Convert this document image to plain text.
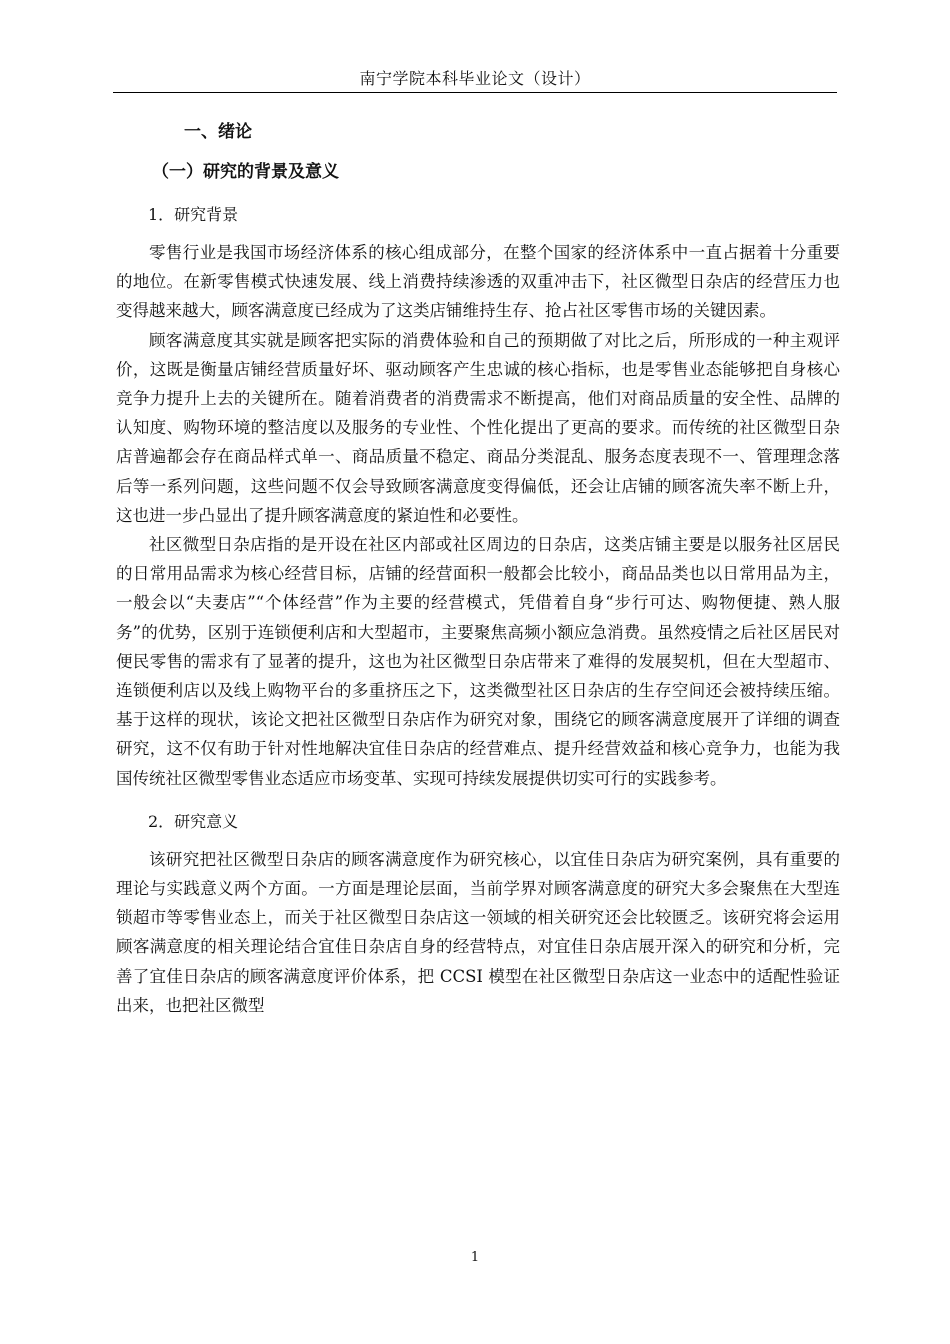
南宁学院本科毕业论文（设计）
一、绪论
（一）研究的背景及意义
1．研究背景

零售行业是我国市场经济体系的核心组成部分，在整个国家的经济体系中一直占据着十分重要的地位。在新零售模式快速发展、线上消费持续渗透的双重冲击下，社区微型日杂店的经营压力也变得越来越大，顾客满意度已经成为了这类店铺维持生存、抢占社区零售市场的关键因素。

顾客满意度其实就是顾客把实际的消费体验和自己的预期做了对比之后，所形成的一种主观评价，这既是衡量店铺经营质量好坏、驱动顾客产生忠诚的核心指标，也是零售业态能够把自身核心竞争力提升上去的关键所在。随着消费者的消费需求不断提高，他们对商品质量的安全性、品牌的认知度、购物环境的整洁度以及服务的专业性、个性化提出了更高的要求。而传统的社区微型日杂店普遍都会存在商品样式单一、商品质量不稳定、商品分类混乱、服务态度表现不一、管理理念落后等一系列问题，这些问题不仅会导致顾客满意度变得偏低，还会让店铺的顾客流失率不断上升，这也进一步凸显出了提升顾客满意度的紧迫性和必要性。

社区微型日杂店指的是开设在社区内部或社区周边的日杂店，这类店铺主要是以服务社区居民的日常用品需求为核心经营目标，店铺的经营面积一般都会比较小，商品品类也以日常用品为主，一般会以“夫妻店”“个体经营”作为主要的经营模式，凭借着自身“步行可达、购物便捷、熟人服务”的优势，区别于连锁便利店和大型超市，主要聚焦高频小额应急消费。虽然疫情之后社区居民对便民零售的需求有了显著的提升，这也为社区微型日杂店带来了难得的发展契机，但在大型超市、连锁便利店以及线上购物平台的多重挤压之下，这类微型社区日杂店的生存空间还会被持续压缩。基于这样的现状，该论文把社区微型日杂店作为研究对象，围绕它的顾客满意度展开了详细的调查研究，这不仅有助于针对性地解决宜佳日杂店的经营难点、提升经营效益和核心竞争力，也能为我国传统社区微型零售业态适应市场变革、实现可持续发展提供切实可行的实践参考。

2．研究意义

该研究把社区微型日杂店的顾客满意度作为研究核心，以宜佳日杂店为研究案例，具有重要的理论与实践意义两个方面。一方面是理论层面，当前学界对顾客满意度的研究大多会聚焦在大型连锁超市等零售业态上，而关于社区微型日杂店这一领域的相关研究还会比较匮乏。该研究将会运用顾客满意度的相关理论结合宜佳日杂店自身的经营特点，对宜佳日杂店展开深入的研究和分析，完善了宜佳日杂店的顾客满意度评价体系，把 CCSI 模型在社区微型日杂店这一业态中的适配性验证出来，也把社区微型

1
